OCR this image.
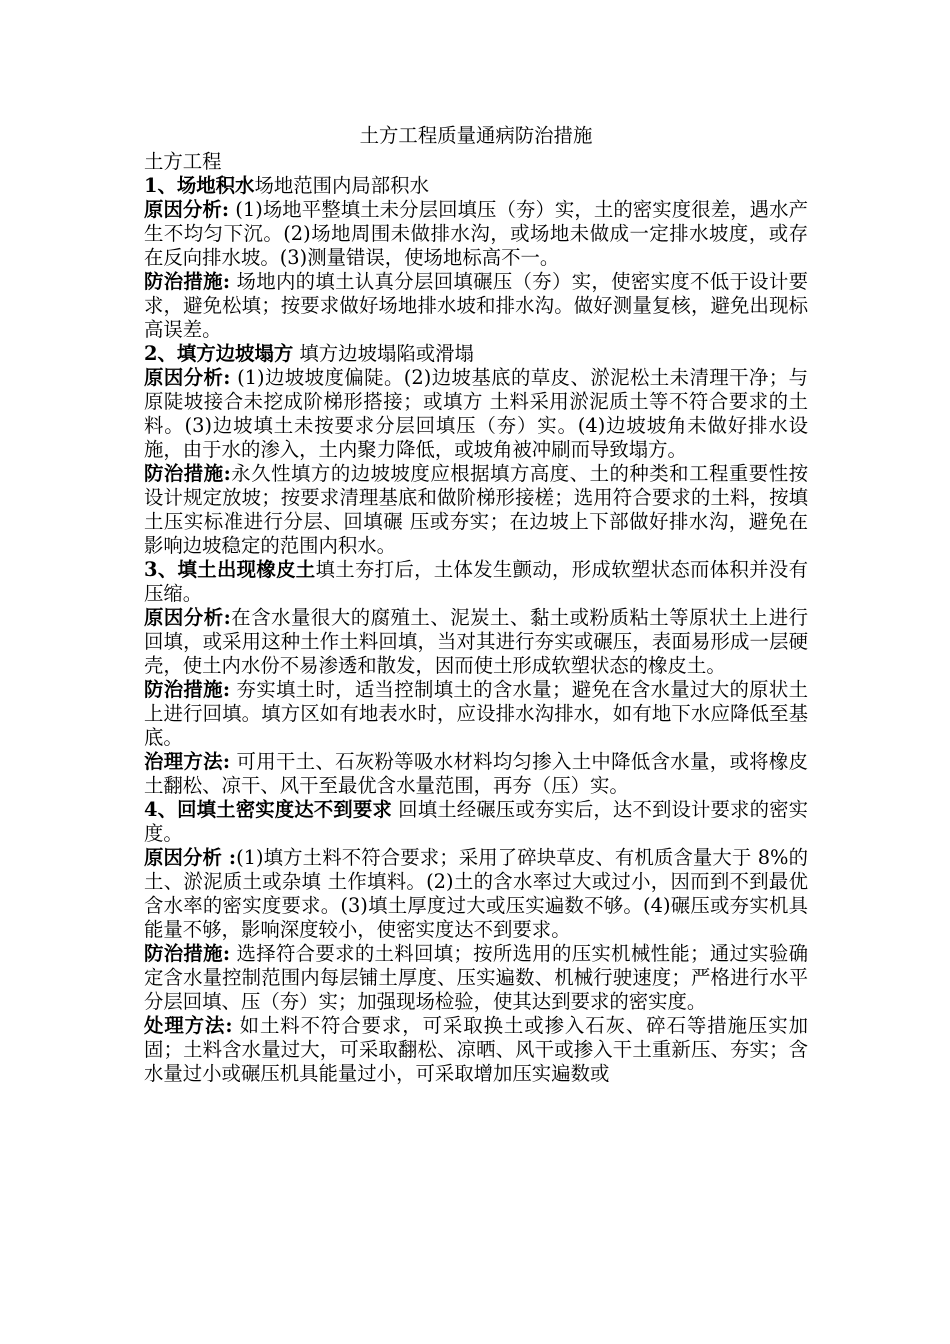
土方工程质量通病防治措施

土方工程

1、场地积水场地范围内局部积水

原因分析: (1)场地平整填土未分层回填压（夯）实，土的密实度很差，遇水产生不均匀下沉。(2)场地周围未做排水沟，或场地未做成一定排水坡度，或存在反向排水坡。(3)测量错误，使场地标高不一。

防治措施: 场地内的填土认真分层回填碾压（夯）实，使密实度不低于设计要求，避免松填；按要求做好场地排水坡和排水沟。做好测量复核，避免出现标高误差。

2、填方边坡塌方 填方边坡塌陷或滑塌

原因分析: (1)边坡坡度偏陡。(2)边坡基底的草皮、淤泥松土未清理干净；与原陡坡接合未挖成阶梯形搭接；或填方 土料采用淤泥质土等不符合要求的土料。(3)边坡填土未按要求分层回填压（夯）实。(4)边坡坡角未做好排水设施，由于水的渗入，土内聚力降低，或坡角被冲刷而导致塌方。

防治措施:永久性填方的边坡坡度应根据填方高度、土的种类和工程重要性按设计规定放坡；按要求清理基底和做阶梯形接槎；选用符合要求的土料，按填土压实标准进行分层、回填碾 压或夯实；在边坡上下部做好排水沟，避免在影响边坡稳定的范围内积水。

3、填土出现橡皮土填土夯打后，土体发生颤动，形成软塑状态而体积并没有压缩。

原因分析:在含水量很大的腐殖土、泥炭土、黏土或粉质粘土等原状土上进行回填，或采用这种土作土料回填，当对其进行夯实或碾压，表面易形成一层硬壳，使土内水份不易渗透和散发，因而使土形成软塑状态的橡皮土。

防治措施: 夯实填土时，适当控制填土的含水量；避免在含水量过大的原状土上进行回填。填方区如有地表水时，应设排水沟排水，如有地下水应降低至基底。

治理方法: 可用干土、石灰粉等吸水材料均匀掺入土中降低含水量，或将橡皮土翻松、凉干、风干至最优含水量范围，再夯（压）实。

4、回填土密实度达不到要求 回填土经碾压或夯实后，达不到设计要求的密实度。

原因分析 :(1)填方土料不符合要求；采用了碎块草皮、有机质含量大于 8%的土、淤泥质土或杂填 土作填料。(2)土的含水率过大或过小，因而到不到最优含水率的密实度要求。(3)填土厚度过大或压实遍数不够。(4)碾压或夯实机具能量不够，影响深度较小，使密实度达不到要求。

防治措施: 选择符合要求的土料回填；按所选用的压实机械性能；通过实验确定含水量控制范围内每层铺土厚度、压实遍数、机械行驶速度；严格进行水平分层回填、压（夯）实；加强现场检验，使其达到要求的密实度。

处理方法: 如土料不符合要求，可采取换土或掺入石灰、碎石等措施压实加固；土料含水量过大，可采取翻松、凉晒、风干或掺入干土重新压、夯实；含水量过小或碾压机具能量过小，可采取增加压实遍数或
